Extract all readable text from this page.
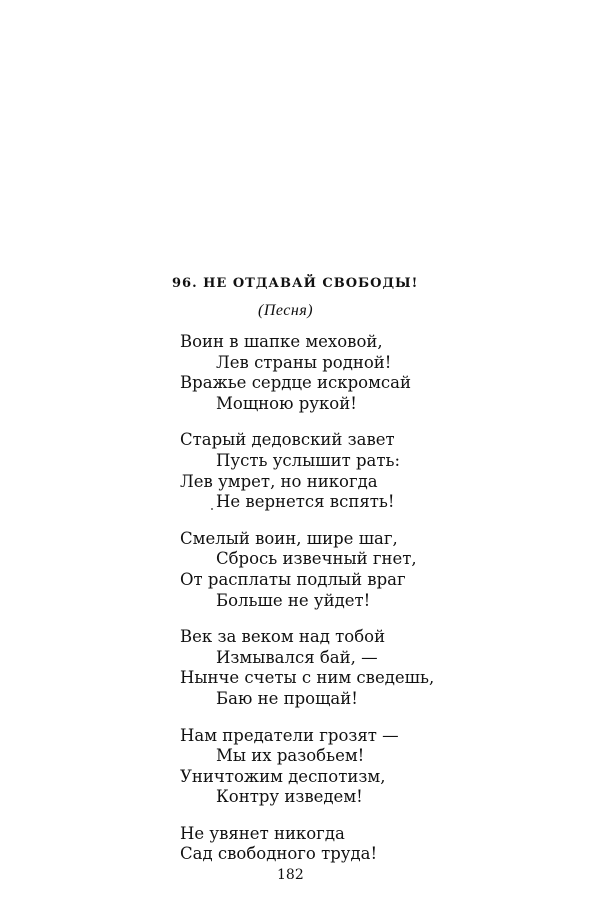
96. НЕ ОТДАВАЙ СВОБОДЫ!
(Песня)
Воин в шапке меховой,
Лев страны родной!
Вражье сердце искромсай
Мощною рукой!
Старый дедовский завет
Пусть услышит рать:
Лев умрет, но никогда
Не вернется вспять!
Смелый воин, шире шаг,
Сбрось извечный гнет,
От расплаты подлый враг
Больше не уйдет!
Век за веком над тобой
Измывался бай, —
Нынче счеты с ним сведешь,
Баю не прощай!
Нам предатели грозят —
Мы их разобьем!
Уничтожим деспотизм,
Контру изведем!
Не увянет никогда
Сад свободного труда!
182
